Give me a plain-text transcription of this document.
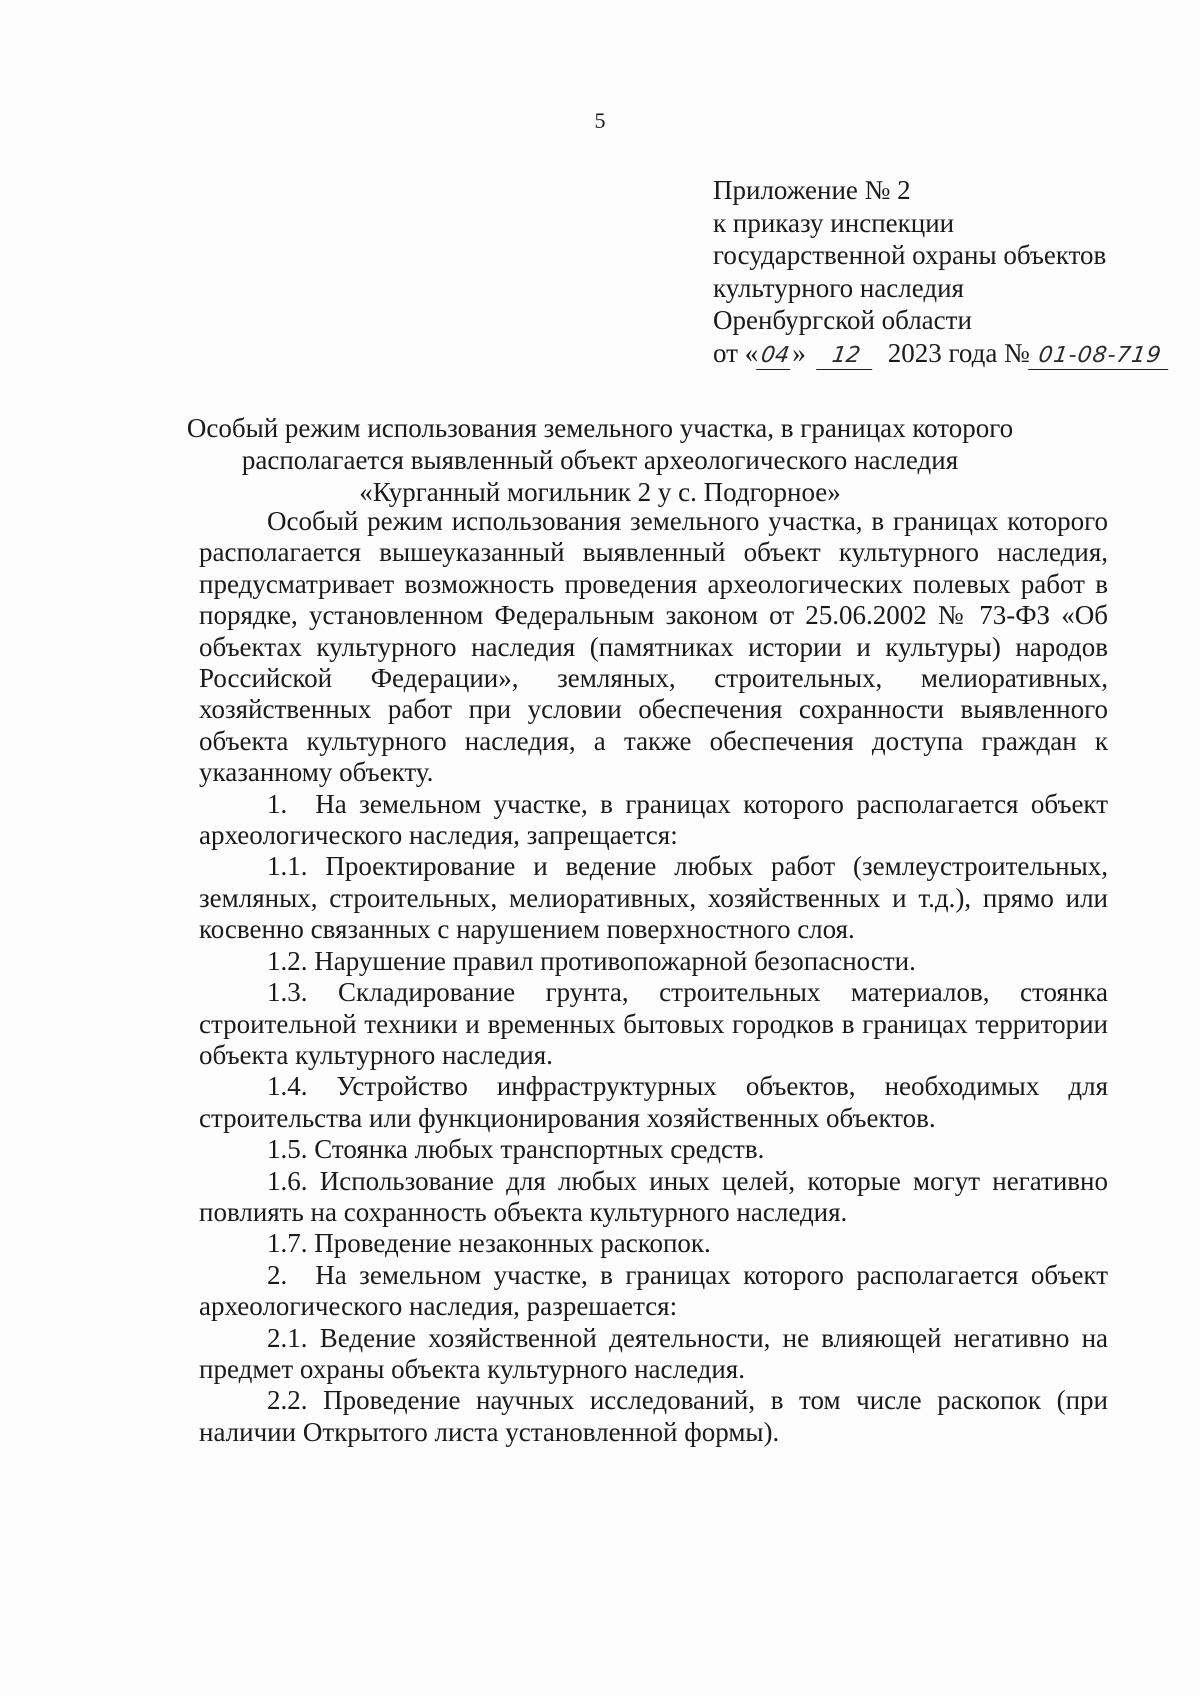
5
Приложение № 2
к приказу инспекции
государственной охраны объектов
культурного наследия
Оренбургской области
от «04» 12 2023 года № 01-08-719
Особый режим использования земельного участка, в границах которого
располагается выявленный объект археологического наследия
«Курганный могильник 2 у с. Подгорное»

Особый режим использования земельного участка, в границах которого располагается вышеуказанный выявленный объект культурного наследия, предусматривает возможность проведения археологических полевых работ в порядке, установленном Федеральным законом от 25.06.2002 № 73-ФЗ «Об объектах культурного наследия (памятниках истории и культуры) народов Российской Федерации», земляных, строительных, мелиоративных, хозяйственных работ при условии обеспечения сохранности выявленного объекта культурного наследия, а также обеспечения доступа граждан к указанному объекту.

1. На земельном участке, в границах которого располагается объект археологического наследия, запрещается:

1.1. Проектирование и ведение любых работ (землеустроительных, земляных, строительных, мелиоративных, хозяйственных и т.д.), прямо или косвенно связанных с нарушением поверхностного слоя.

1.2. Нарушение правил противопожарной безопасности.

1.3. Складирование грунта, строительных материалов, стоянка строительной техники и временных бытовых городков в границах территории объекта культурного наследия.

1.4. Устройство инфраструктурных объектов, необходимых для строительства или функционирования хозяйственных объектов.

1.5. Стоянка любых транспортных средств.

1.6. Использование для любых иных целей, которые могут негативно повлиять на сохранность объекта культурного наследия.

1.7. Проведение незаконных раскопок.

2. На земельном участке, в границах которого располагается объект археологического наследия, разрешается:

2.1. Ведение хозяйственной деятельности, не влияющей негативно на предмет охраны объекта культурного наследия.

2.2. Проведение научных исследований, в том числе раскопок (при наличии Открытого листа установленной формы).
